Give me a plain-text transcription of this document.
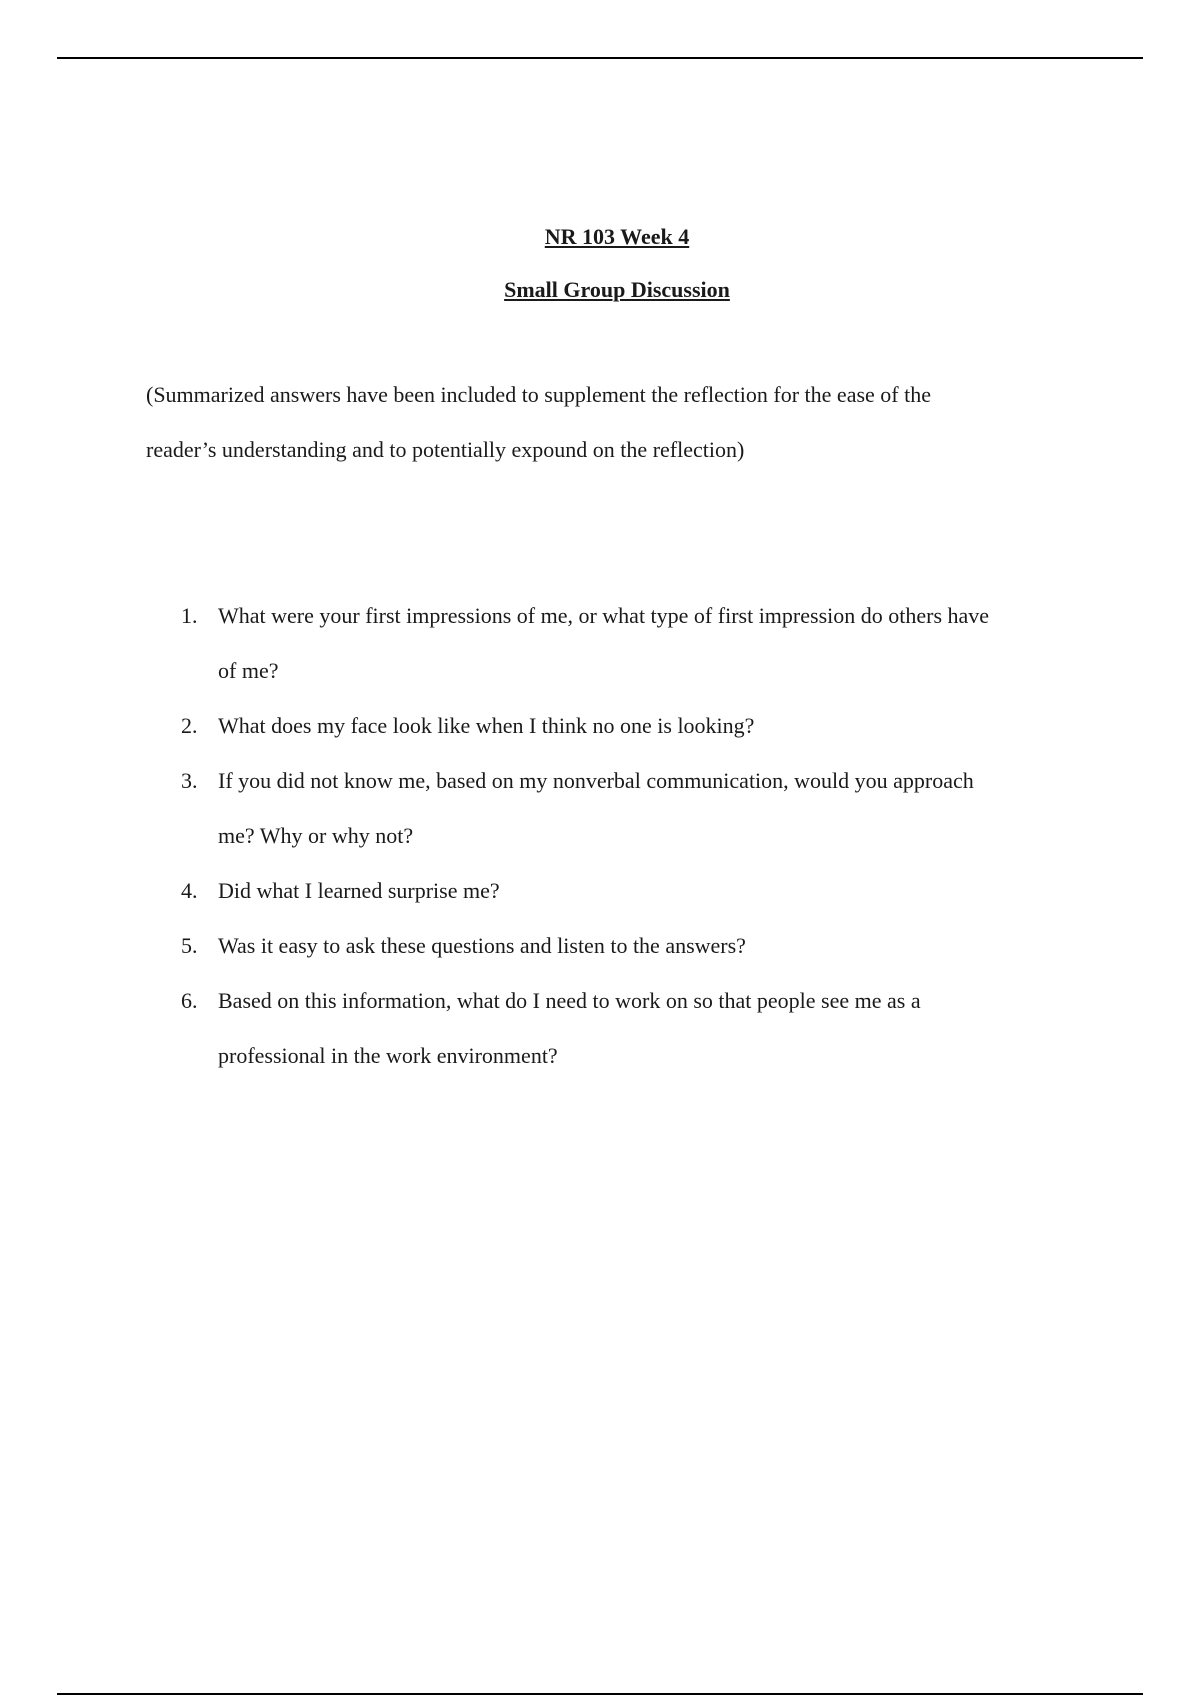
NR 103 Week 4
Small Group Discussion

(Summarized answers have been included to supplement the reflection for the ease of the
reader’s understanding and to potentially expound on the reflection)

1. What were your first impressions of me, or what type of first impression do others have
of me?
2. What does my face look like when I think no one is looking?
3. If you did not know me, based on my nonverbal communication, would you approach
me? Why or why not?
4. Did what I learned surprise me?
5. Was it easy to ask these questions and listen to the answers?
6. Based on this information, what do I need to work on so that people see me as a
professional in the work environment?
